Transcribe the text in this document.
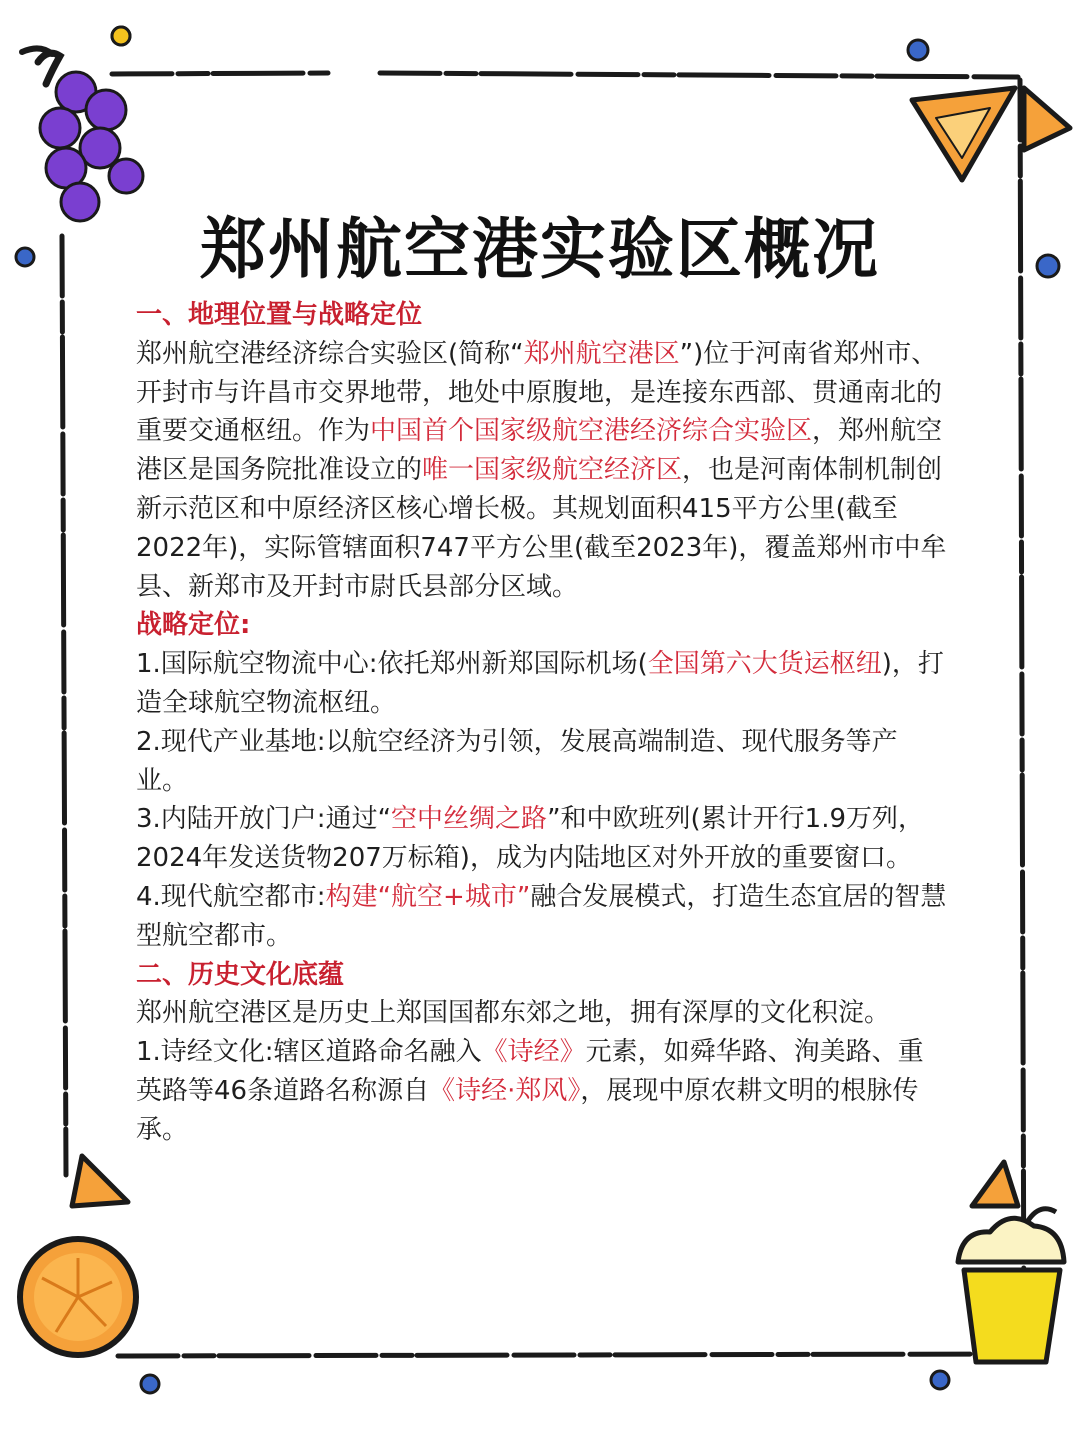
郑州航空港实验区概况

一、地理位置与战略定位

郑州航空港经济综合实验区(简称“郑州航空港区”)位于河南省郑州市、开封市与许昌市交界地带，地处中原腹地，是连接东西部、贯通南北的重要交通枢纽。作为中国首个国家级航空港经济综合实验区，郑州航空港区是国务院批准设立的唯一国家级航空经济区，也是河南体制机制创新示范区和中原经济区核心增长极。其规划面积415平方公里(截至2022年)，实际管辖面积747平方公里(截至2023年)，覆盖郑州市中牟县、新郑市及开封市尉氏县部分区域。

战略定位:

1.国际航空物流中心:依托郑州新郑国际机场(全国第六大货运枢纽)，打造全球航空物流枢纽。

2.现代产业基地:以航空经济为引领，发展高端制造、现代服务等产业。

3.内陆开放门户:通过“空中丝绸之路”和中欧班列(累计开行1.9万列，2024年发送货物207万标箱)，成为内陆地区对外开放的重要窗口。

4.现代航空都市:构建“航空+城市”融合发展模式，打造生态宜居的智慧型航空都市。

二、历史文化底蕴

郑州航空港区是历史上郑国国都东郊之地，拥有深厚的文化积淀。

1.诗经文化:辖区道路命名融入《诗经》元素，如舜华路、洵美路、重英路等46条道路名称源自《诗经·郑风》，展现中原农耕文明的根脉传承。
